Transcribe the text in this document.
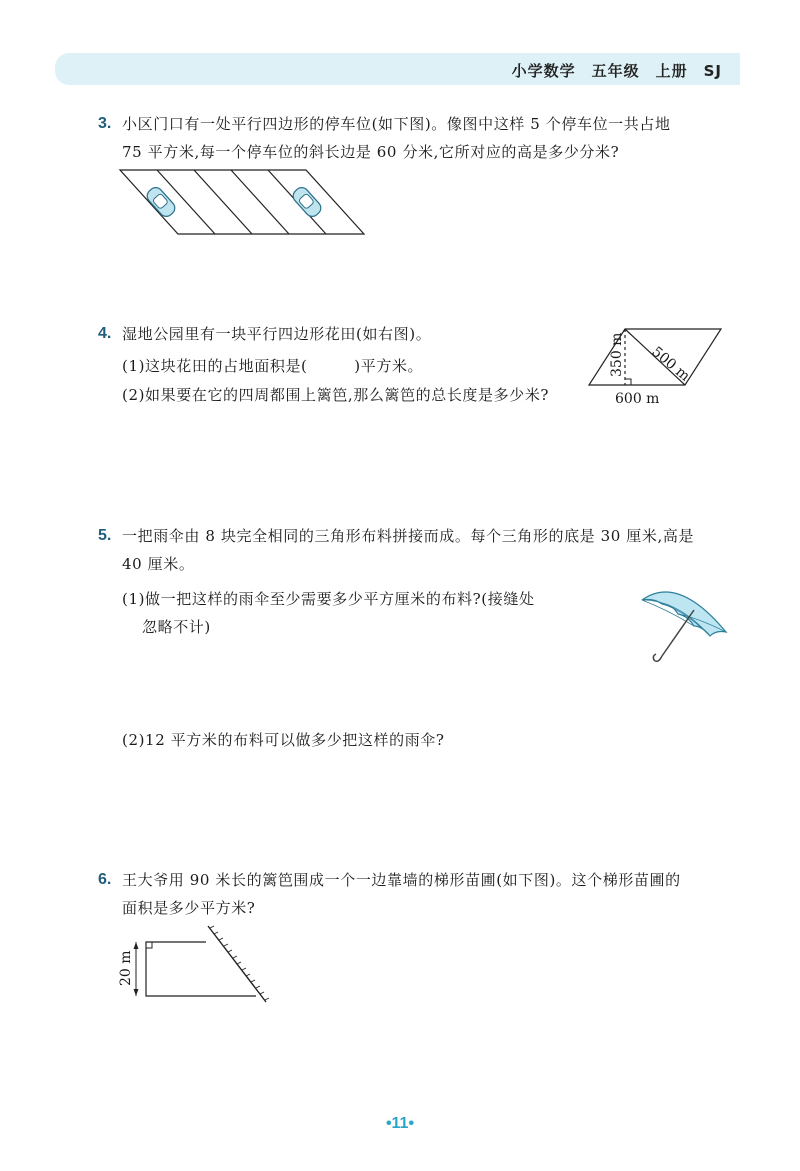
小学数学 五年级 上册 SJ
3. 小区门口有一处平行四边形的停车位(如下图)。像图中这样 5 个停车位一共占地
75 平方米,每一个停车位的斜长边是 60 分米,它所对应的高是多少分米?
4. 湿地公园里有一块平行四边形花田(如右图)。
(1)这块花田的占地面积是(　　　)平方米。
(2)如果要在它的四周都围上篱笆,那么篱笆的总长度是多少米?
500 m
350 m
600 m
5. 一把雨伞由 8 块完全相同的三角形布料拼接而成。每个三角形的底是 30 厘米,高是
40 厘米。
(1)做一把这样的雨伞至少需要多少平方厘米的布料?(接缝处
忽略不计)
(2)12 平方米的布料可以做多少把这样的雨伞?
6. 王大爷用 90 米长的篱笆围成一个一边靠墙的梯形苗圃(如下图)。这个梯形苗圃的
面积是多少平方米?
20 m
•11•
